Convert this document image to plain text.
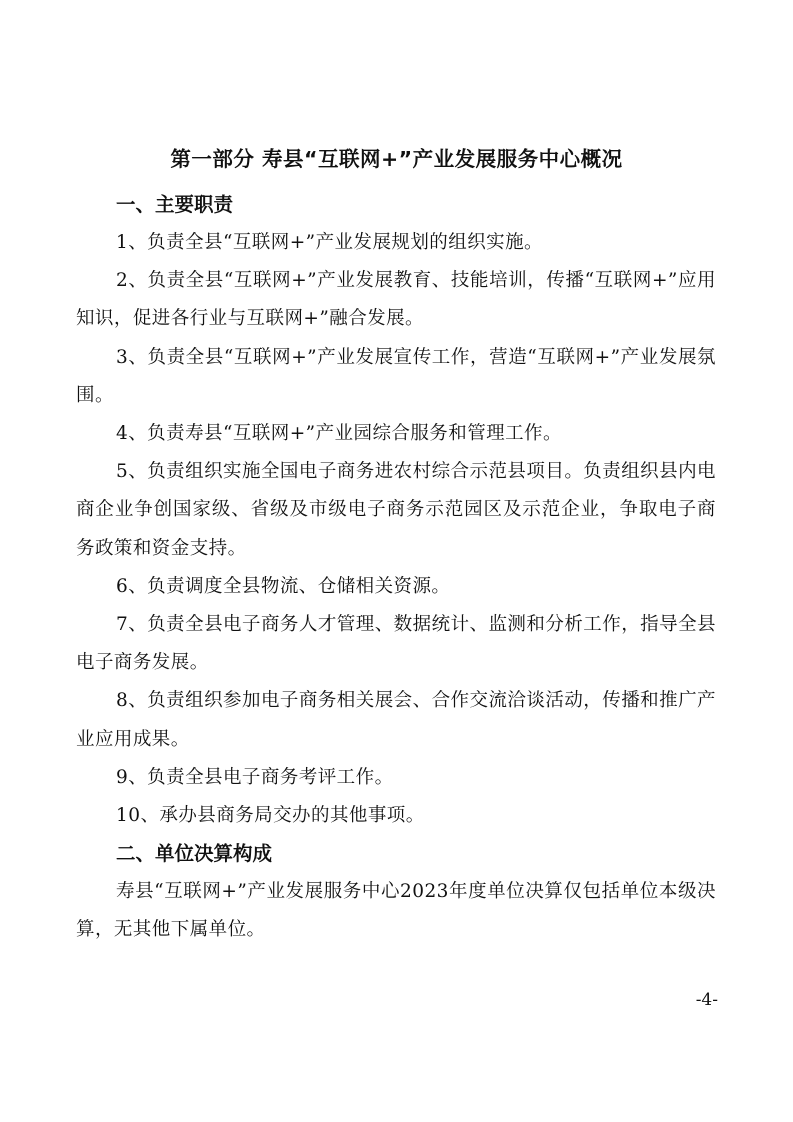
第一部分 寿县“互联网+”产业发展服务中心概况

一、主要职责

1、负责全县“互联网+”产业发展规划的组织实施。

2、负责全县“互联网+”产业发展教育、技能培训，传播“互联网+”应用知识，促进各行业与互联网+”融合发展。

3、负责全县“互联网+”产业发展宣传工作，营造“互联网+”产业发展氛围。

4、负责寿县“互联网+”产业园综合服务和管理工作。

5、负责组织实施全国电子商务进农村综合示范县项目。负责组织县内电商企业争创国家级、省级及市级电子商务示范园区及示范企业，争取电子商务政策和资金支持。

6、负责调度全县物流、仓储相关资源。

7、负责全县电子商务人才管理、数据统计、监测和分析工作，指导全县电子商务发展。

8、负责组织参加电子商务相关展会、合作交流洽谈活动，传播和推广产业应用成果。

9、负责全县电子商务考评工作。

10、承办县商务局交办的其他事项。

二、单位决算构成

寿县“互联网+”产业发展服务中心2023年度单位决算仅包括单位本级决算，无其他下属单位。

-4-
